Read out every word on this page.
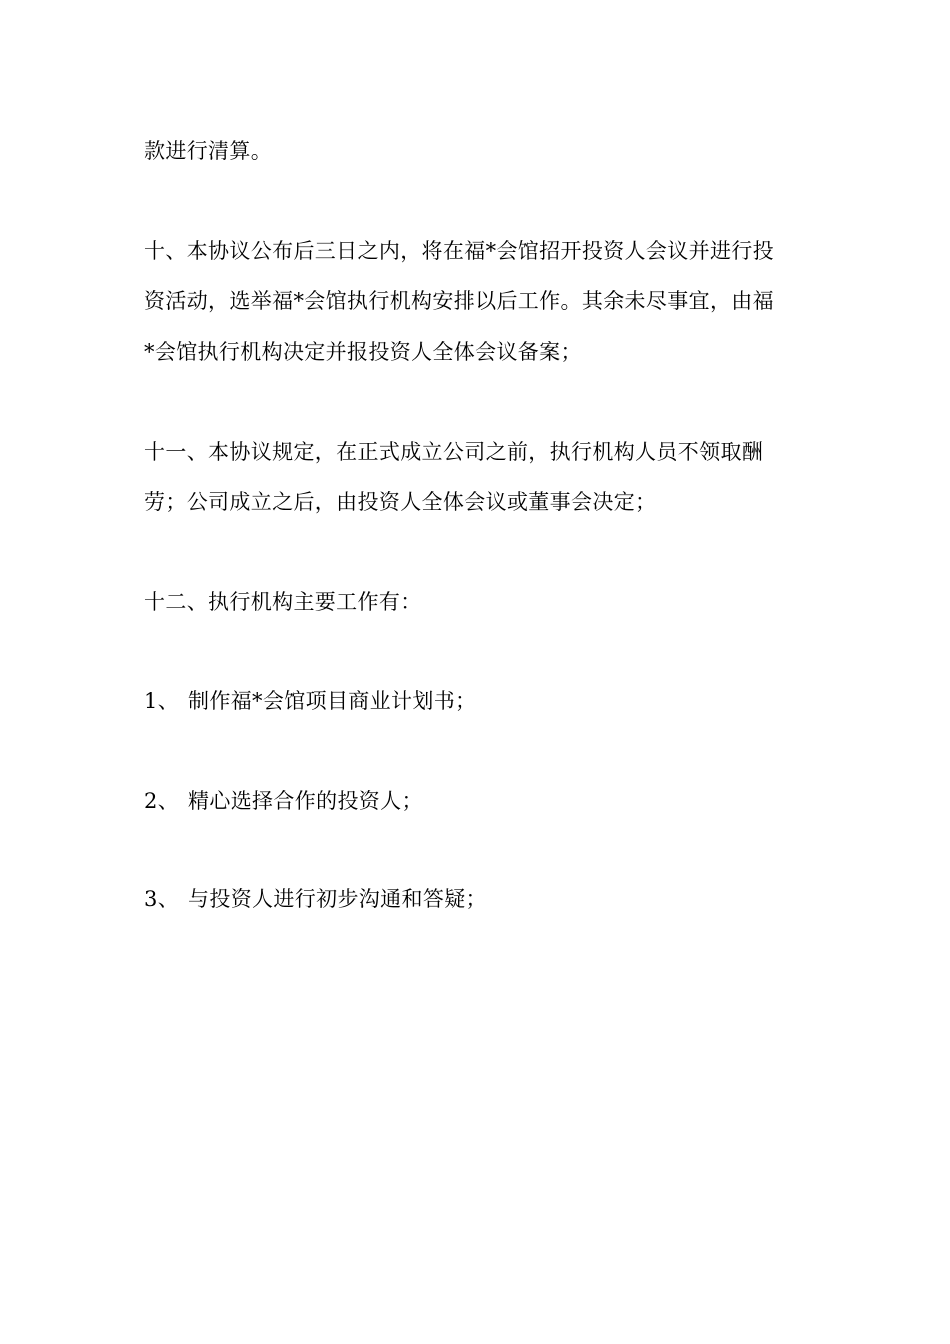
款进行清算。

十、本协议公布后三日之内，将在福*会馆招开投资人会议并进行投

资活动，选举福*会馆执行机构安排以后工作。其余未尽事宜，由福

*会馆执行机构决定并报投资人全体会议备案；

十一、本协议规定，在正式成立公司之前，执行机构人员不领取酬

劳；公司成立之后，由投资人全体会议或董事会决定；

十二、执行机构主要工作有：

1、 制作福*会馆项目商业计划书；

2、 精心选择合作的投资人；

3、 与投资人进行初步沟通和答疑；
